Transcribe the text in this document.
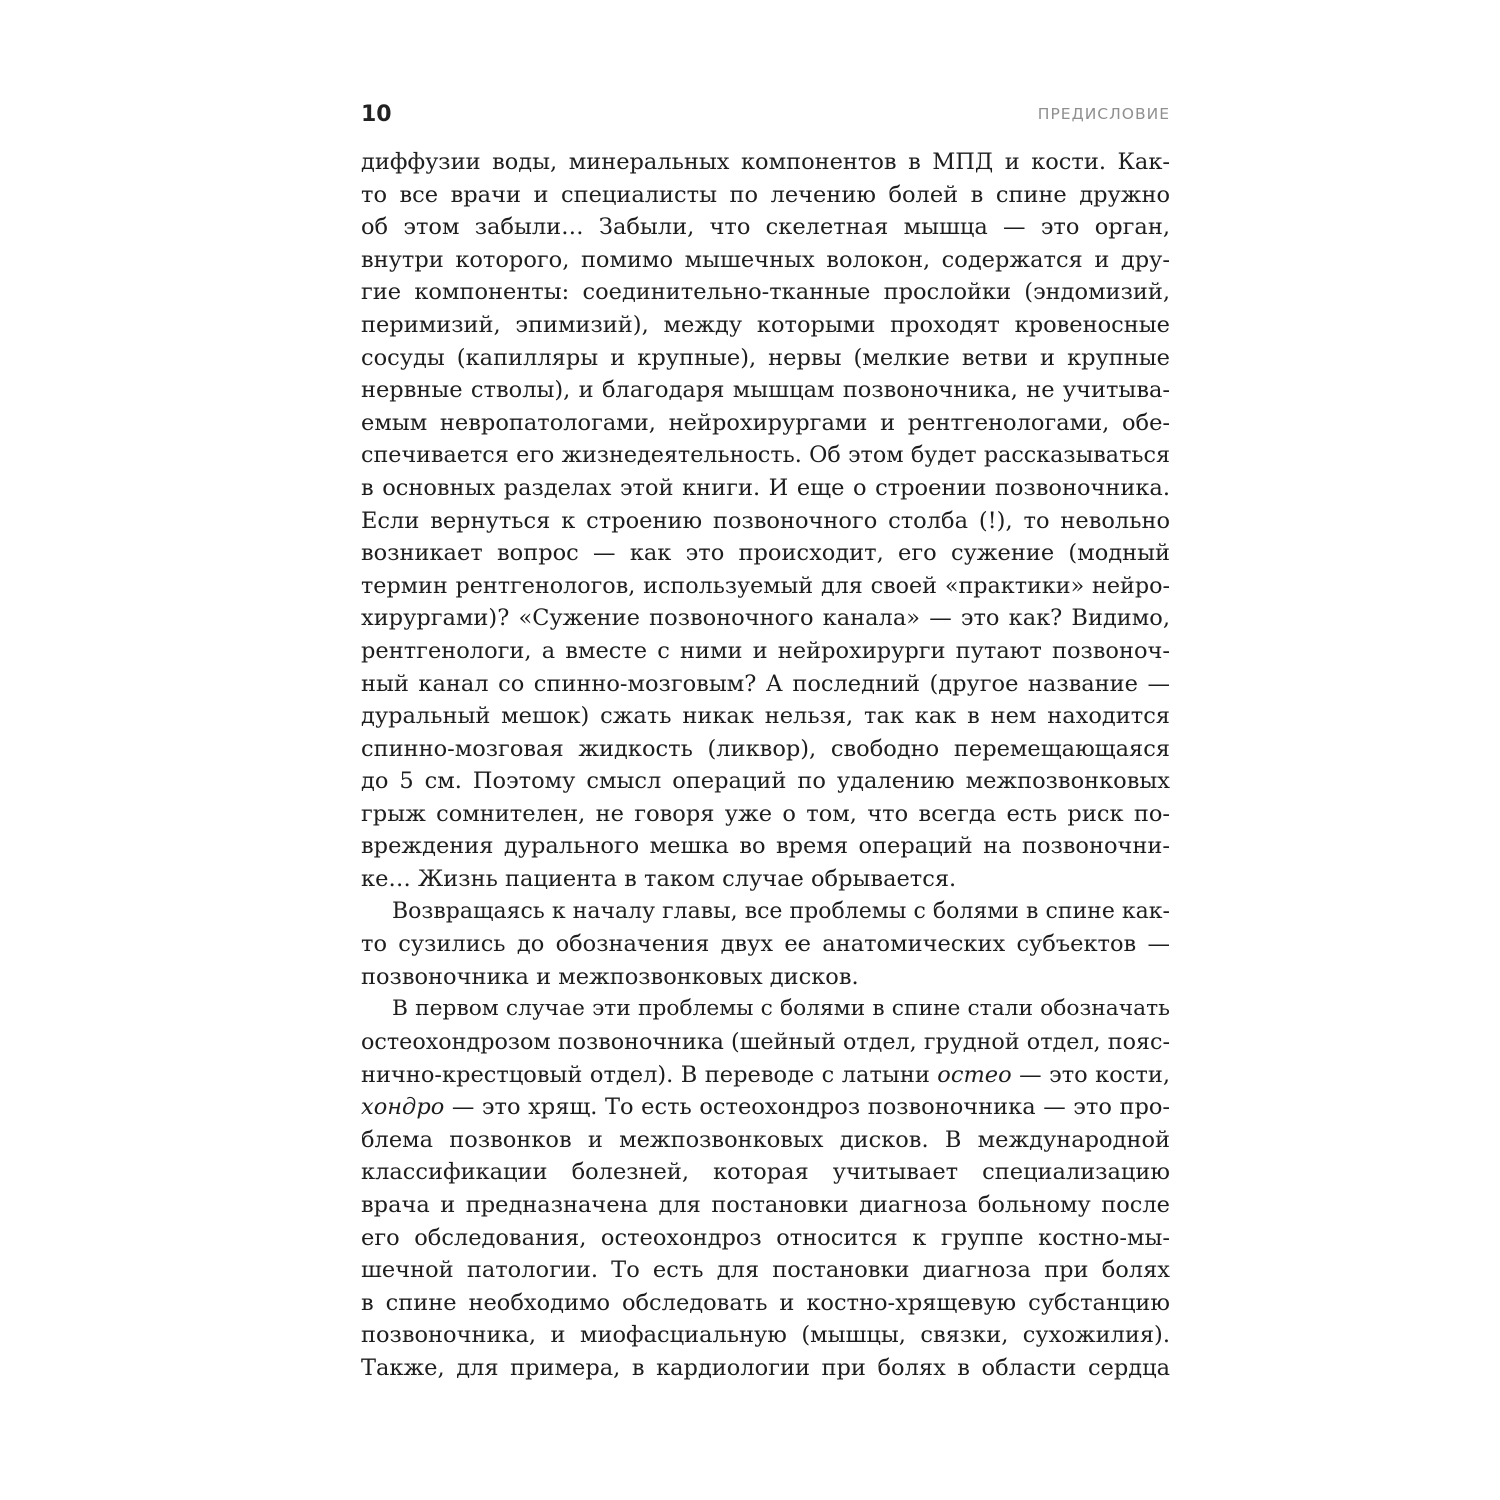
10	ПРЕДИСЛОВИЕ
диффузии воды, минеральных компонентов в МПД и кости. Как-
то все врачи и специалисты по лечению болей в спине дружно
об этом забыли… Забыли, что скелетная мышца — это орган,
внутри которого, помимо мышечных волокон, содержатся и дру-
гие компоненты: соединительно-тканные прослойки (эндомизий,
перимизий, эпимизий), между которыми проходят кровеносные
сосуды (капилляры и крупные), нервы (мелкие ветви и крупные
нервные стволы), и благодаря мышцам позвоночника, не учитыва-
емым невропатологами, нейрохирургами и рентгенологами, обе-
спечивается его жизнедеятельность. Об этом будет рассказываться
в основных разделах этой книги. И еще о строении позвоночника.
Если вернуться к строению позвоночного столба (!), то невольно
возникает вопрос — как это происходит, его сужение (модный
термин рентгенологов, используемый для своей «практики» нейро-
хирургами)? «Сужение позвоночного канала» — это как? Видимо,
рентгенологи, а вместе с ними и нейрохирурги путают позвоноч-
ный канал со спинно-мозговым? А последний (другое название —
дуральный мешок) сжать никак нельзя, так как в нем находится
спинно-мозговая жидкость (ликвор), свободно перемещающаяся
до 5 см. Поэтому смысл операций по удалению межпозвонковых
грыж сомнителен, не говоря уже о том, что всегда есть риск по-
вреждения дурального мешка во время операций на позвоночни-
ке… Жизнь пациента в таком случае обрывается.
Возвращаясь к началу главы, все проблемы с болями в спине как-
то сузились до обозначения двух ее анатомических субъектов —
позвоночника и межпозвонковых дисков.
В первом случае эти проблемы с болями в спине стали обозначать
остеохондрозом позвоночника (шейный отдел, грудной отдел, пояс-
нично-крестцовый отдел). В переводе с латыни остео — это кости,
хондро — это хрящ. То есть остеохондроз позвоночника — это про-
блема позвонков и межпозвонковых дисков. В международной
классификации болезней, которая учитывает специализацию
врача и предназначена для постановки диагноза больному после
его обследования, остеохондроз относится к группе костно-мы-
шечной патологии. То есть для постановки диагноза при болях
в спине необходимо обследовать и костно-хрящевую субстанцию
позвоночника, и миофасциальную (мышцы, связки, сухожилия).
Также, для примера, в кардиологии при болях в области сердца
